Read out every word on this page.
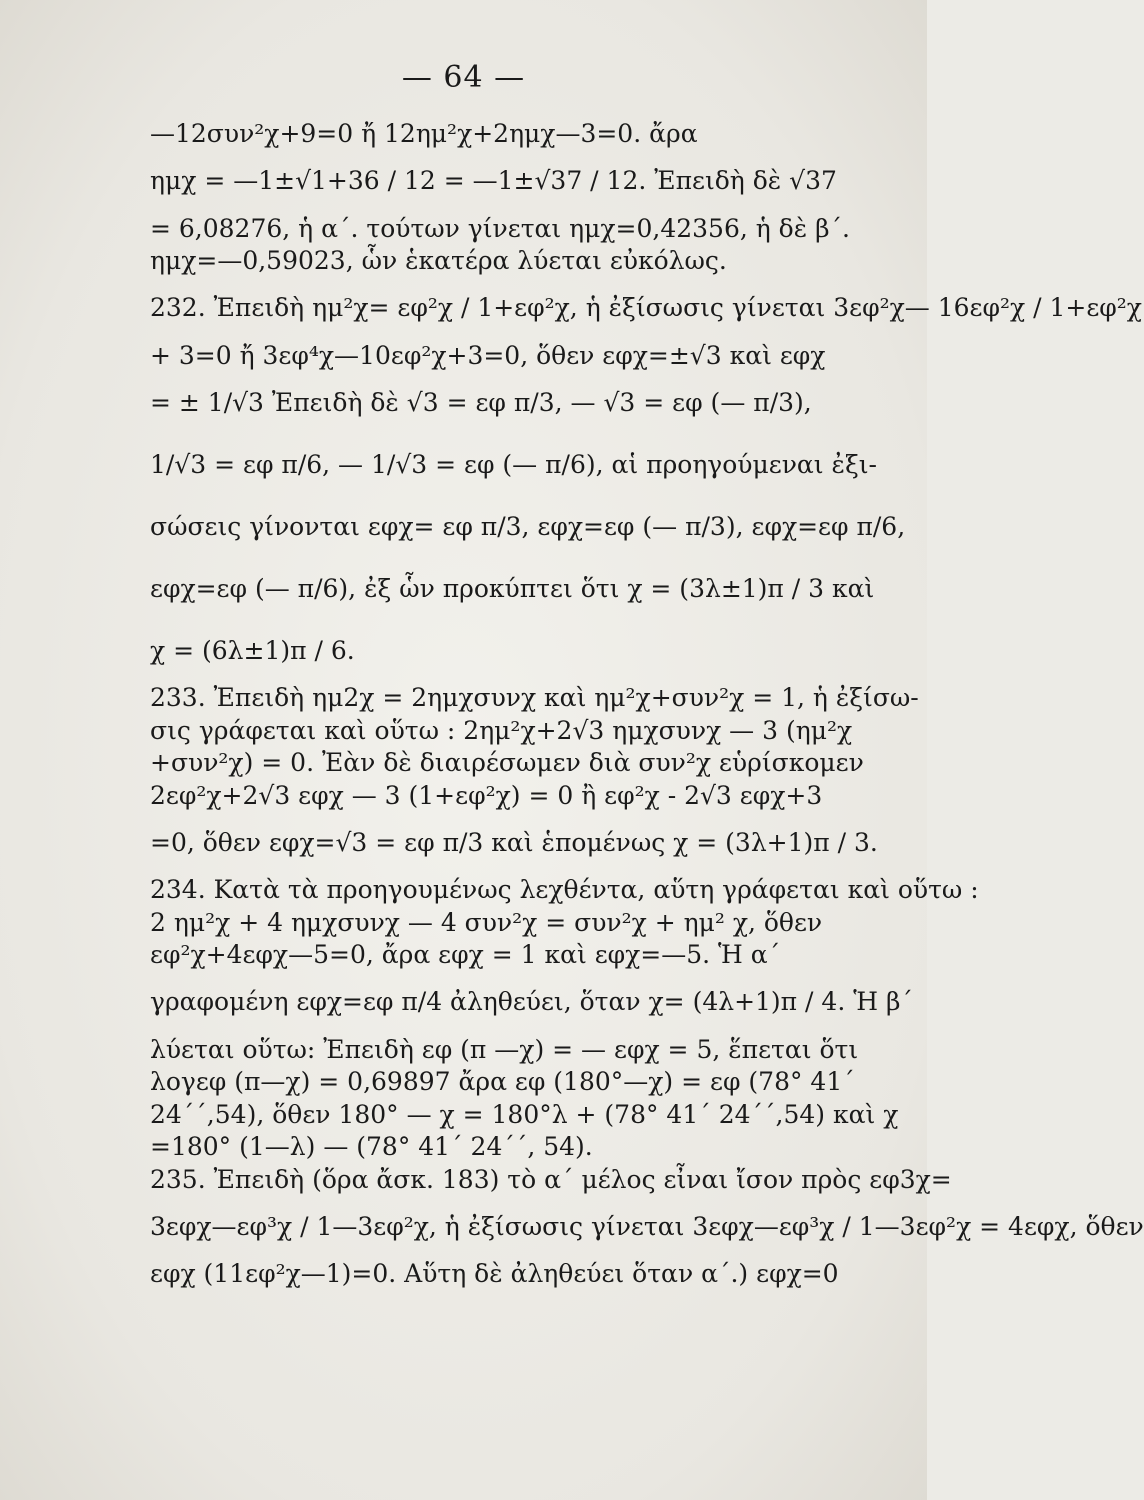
— 64 —
—12συν²χ+9=0 ἤ 12ημ²χ+2ημχ—3=0. ἄρα
ημχ = —1±√1+36 / 12 = —1±√37 / 12. Ἐπειδὴ δὲ √37
= 6,08276, ἡ α΄. τούτων γίνεται ημχ=0,42356, ἡ δὲ β΄.
ημχ=—0,59023, ὧν ἑκατέρα λύεται εὐκόλως.
232. Ἐπειδὴ ημ²χ= εφ²χ / 1+εφ²χ, ἡ ἐξίσωσις γίνεται 3εφ²χ— 16εφ²χ / 1+εφ²χ
+ 3=0 ἤ 3εφ⁴χ—10εφ²χ+3=0, ὅθεν εφχ=±√3 καὶ εφχ
= ± 1/√3 Ἐπειδὴ δὲ √3 = εφ π/3, — √3 = εφ (— π/3),
1/√3 = εφ π/6, — 1/√3 = εφ (— π/6), αἱ προηγούμεναι ἐξι-
σώσεις γίνονται εφχ= εφ π/3, εφχ=εφ (— π/3), εφχ=εφ π/6,
εφχ=εφ (— π/6), ἐξ ὧν προκύπτει ὅτι χ = (3λ±1)π / 3 καὶ
χ = (6λ±1)π / 6.
233. Ἐπειδὴ ημ2χ = 2ημχσυνχ καὶ ημ²χ+συν²χ = 1, ἡ ἐξίσω-
σις γράφεται καὶ οὕτω : 2ημ²χ+2√3 ημχσυνχ — 3 (ημ²χ
+συν²χ) = 0. Ἐὰν δὲ διαιρέσωμεν διὰ συν²χ εὑρίσκομεν
2εφ²χ+2√3 εφχ — 3 (1+εφ²χ) = 0 ἢ εφ²χ - 2√3 εφχ+3
=0, ὅθεν εφχ=√3 = εφ π/3 καὶ ἑπομένως χ = (3λ+1)π / 3.
234. Κατὰ τὰ προηγουμένως λεχθέντα, αὕτη γράφεται καὶ οὕτω :
2 ημ²χ + 4 ημχσυνχ — 4 συν²χ = συν²χ + ημ² χ, ὅθεν
εφ²χ+4εφχ—5=0, ἄρα εφχ = 1 καὶ εφχ=—5. Ἡ α΄
γραφομένη εφχ=εφ π/4 ἀληθεύει, ὅταν χ= (4λ+1)π / 4. Ἡ β΄
λύεται οὕτω: Ἐπειδὴ εφ (π —χ) = — εφχ = 5, ἕπεται ὅτι
λογεφ (π—χ) = 0,69897 ἄρα εφ (180°—χ) = εφ (78° 41΄
24΄΄,54), ὅθεν 180° — χ = 180°λ + (78° 41΄ 24΄΄,54) καὶ χ
=180° (1—λ) — (78° 41΄ 24΄΄, 54).
235. Ἐπειδὴ (ὅρα ἄσκ. 183) τὸ α΄ μέλος εἶναι ἴσον πρὸς εφ3χ=
3εφχ—εφ³χ / 1—3εφ²χ, ἡ ἐξίσωσις γίνεται 3εφχ—εφ³χ / 1—3εφ²χ = 4εφχ, ὅθεν
εφχ (11εφ²χ—1)=0. Αὕτη δὲ ἀληθεύει ὅταν α΄.) εφχ=0
